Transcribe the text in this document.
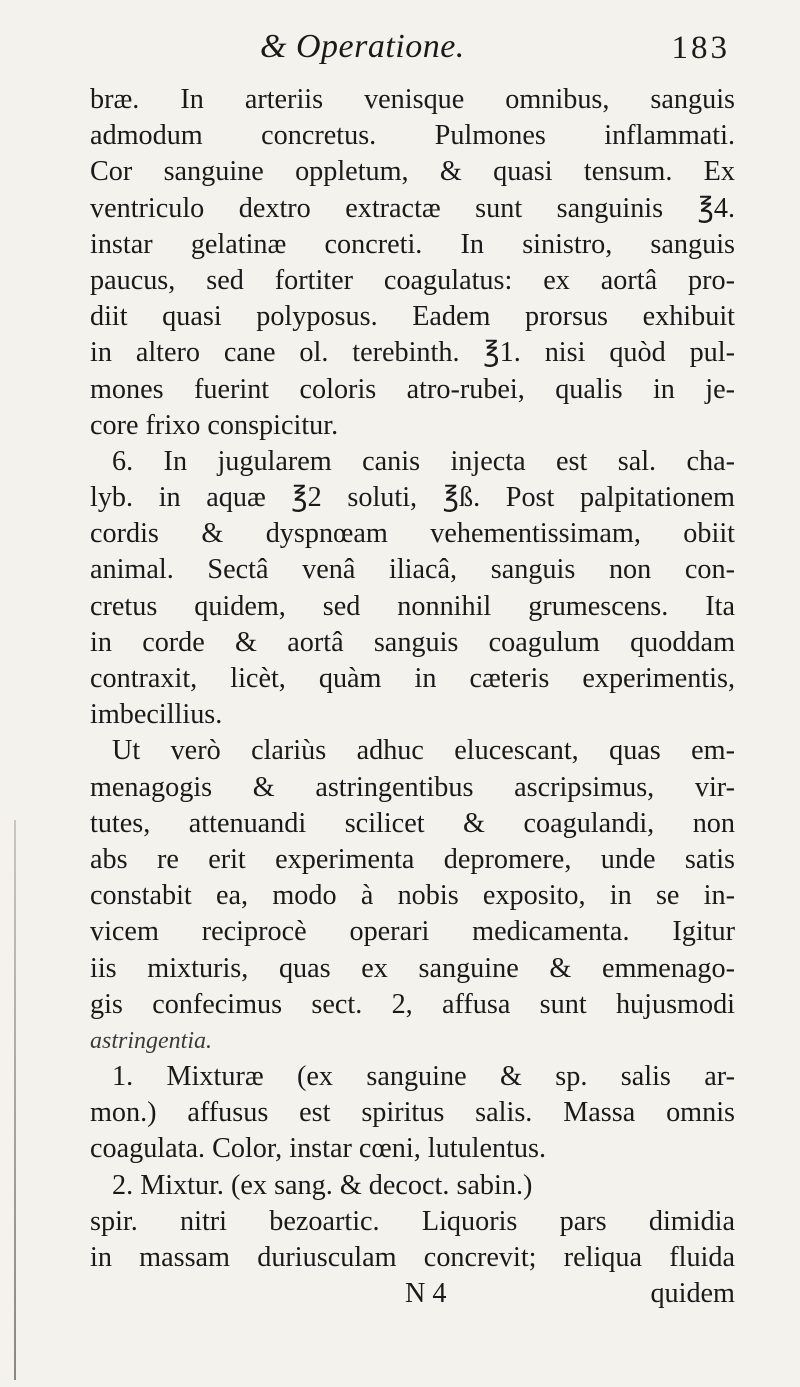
& Operatione.	183
bræ. In arteriis venisque omnibus, sanguis
admodum concretus. Pulmones inflammati.
Cor sanguine oppletum, & quasi tensum. Ex
ventriculo dextro extractæ sunt sanguinis ℥4.
instar gelatinæ concreti. In sinistro, sanguis
paucus, sed fortiter coagulatus: ex aortâ pro-
diit quasi polyposus. Eadem prorsus exhibuit
in altero cane ol. terebinth. ℥1. nisi quòd pul-
mones fuerint coloris atro-rubei, qualis in je-
core frixo conspicitur.
6. In jugularem canis injecta est sal. cha-
lyb. in aquæ ℥2 soluti, ℥ß. Post palpitationem
cordis & dyspnœam vehementissimam, obiit
animal. Sectâ venâ iliacâ, sanguis non con-
cretus quidem, sed nonnihil grumescens. Ita
in corde & aortâ sanguis coagulum quoddam
contraxit, licèt, quàm in cæteris experimentis,
imbecillius.
Ut verò clariùs adhuc elucescant, quas em-
menagogis & astringentibus ascripsimus, vir-
tutes, attenuandi scilicet & coagulandi, non
abs re erit experimenta depromere, unde satis
constabit ea, modo à nobis exposito, in se in-
vicem reciprocè operari medicamenta. Igitur
iis mixturis, quas ex sanguine & emmenago-
gis confecimus sect. 2, affusa sunt hujusmodi
astringentia.
1. Mixturæ (ex sanguine & sp. salis ar-
mon.) affusus est spiritus salis. Massa omnis
coagulata. Color, instar cœni, lutulentus.
2. Mixtur. (ex sang. & decoct. sabin.)
spir. nitri bezoartic. Liquoris pars dimidia
in massam duriusculam concrevit; reliqua fluida
N 4	quidem
